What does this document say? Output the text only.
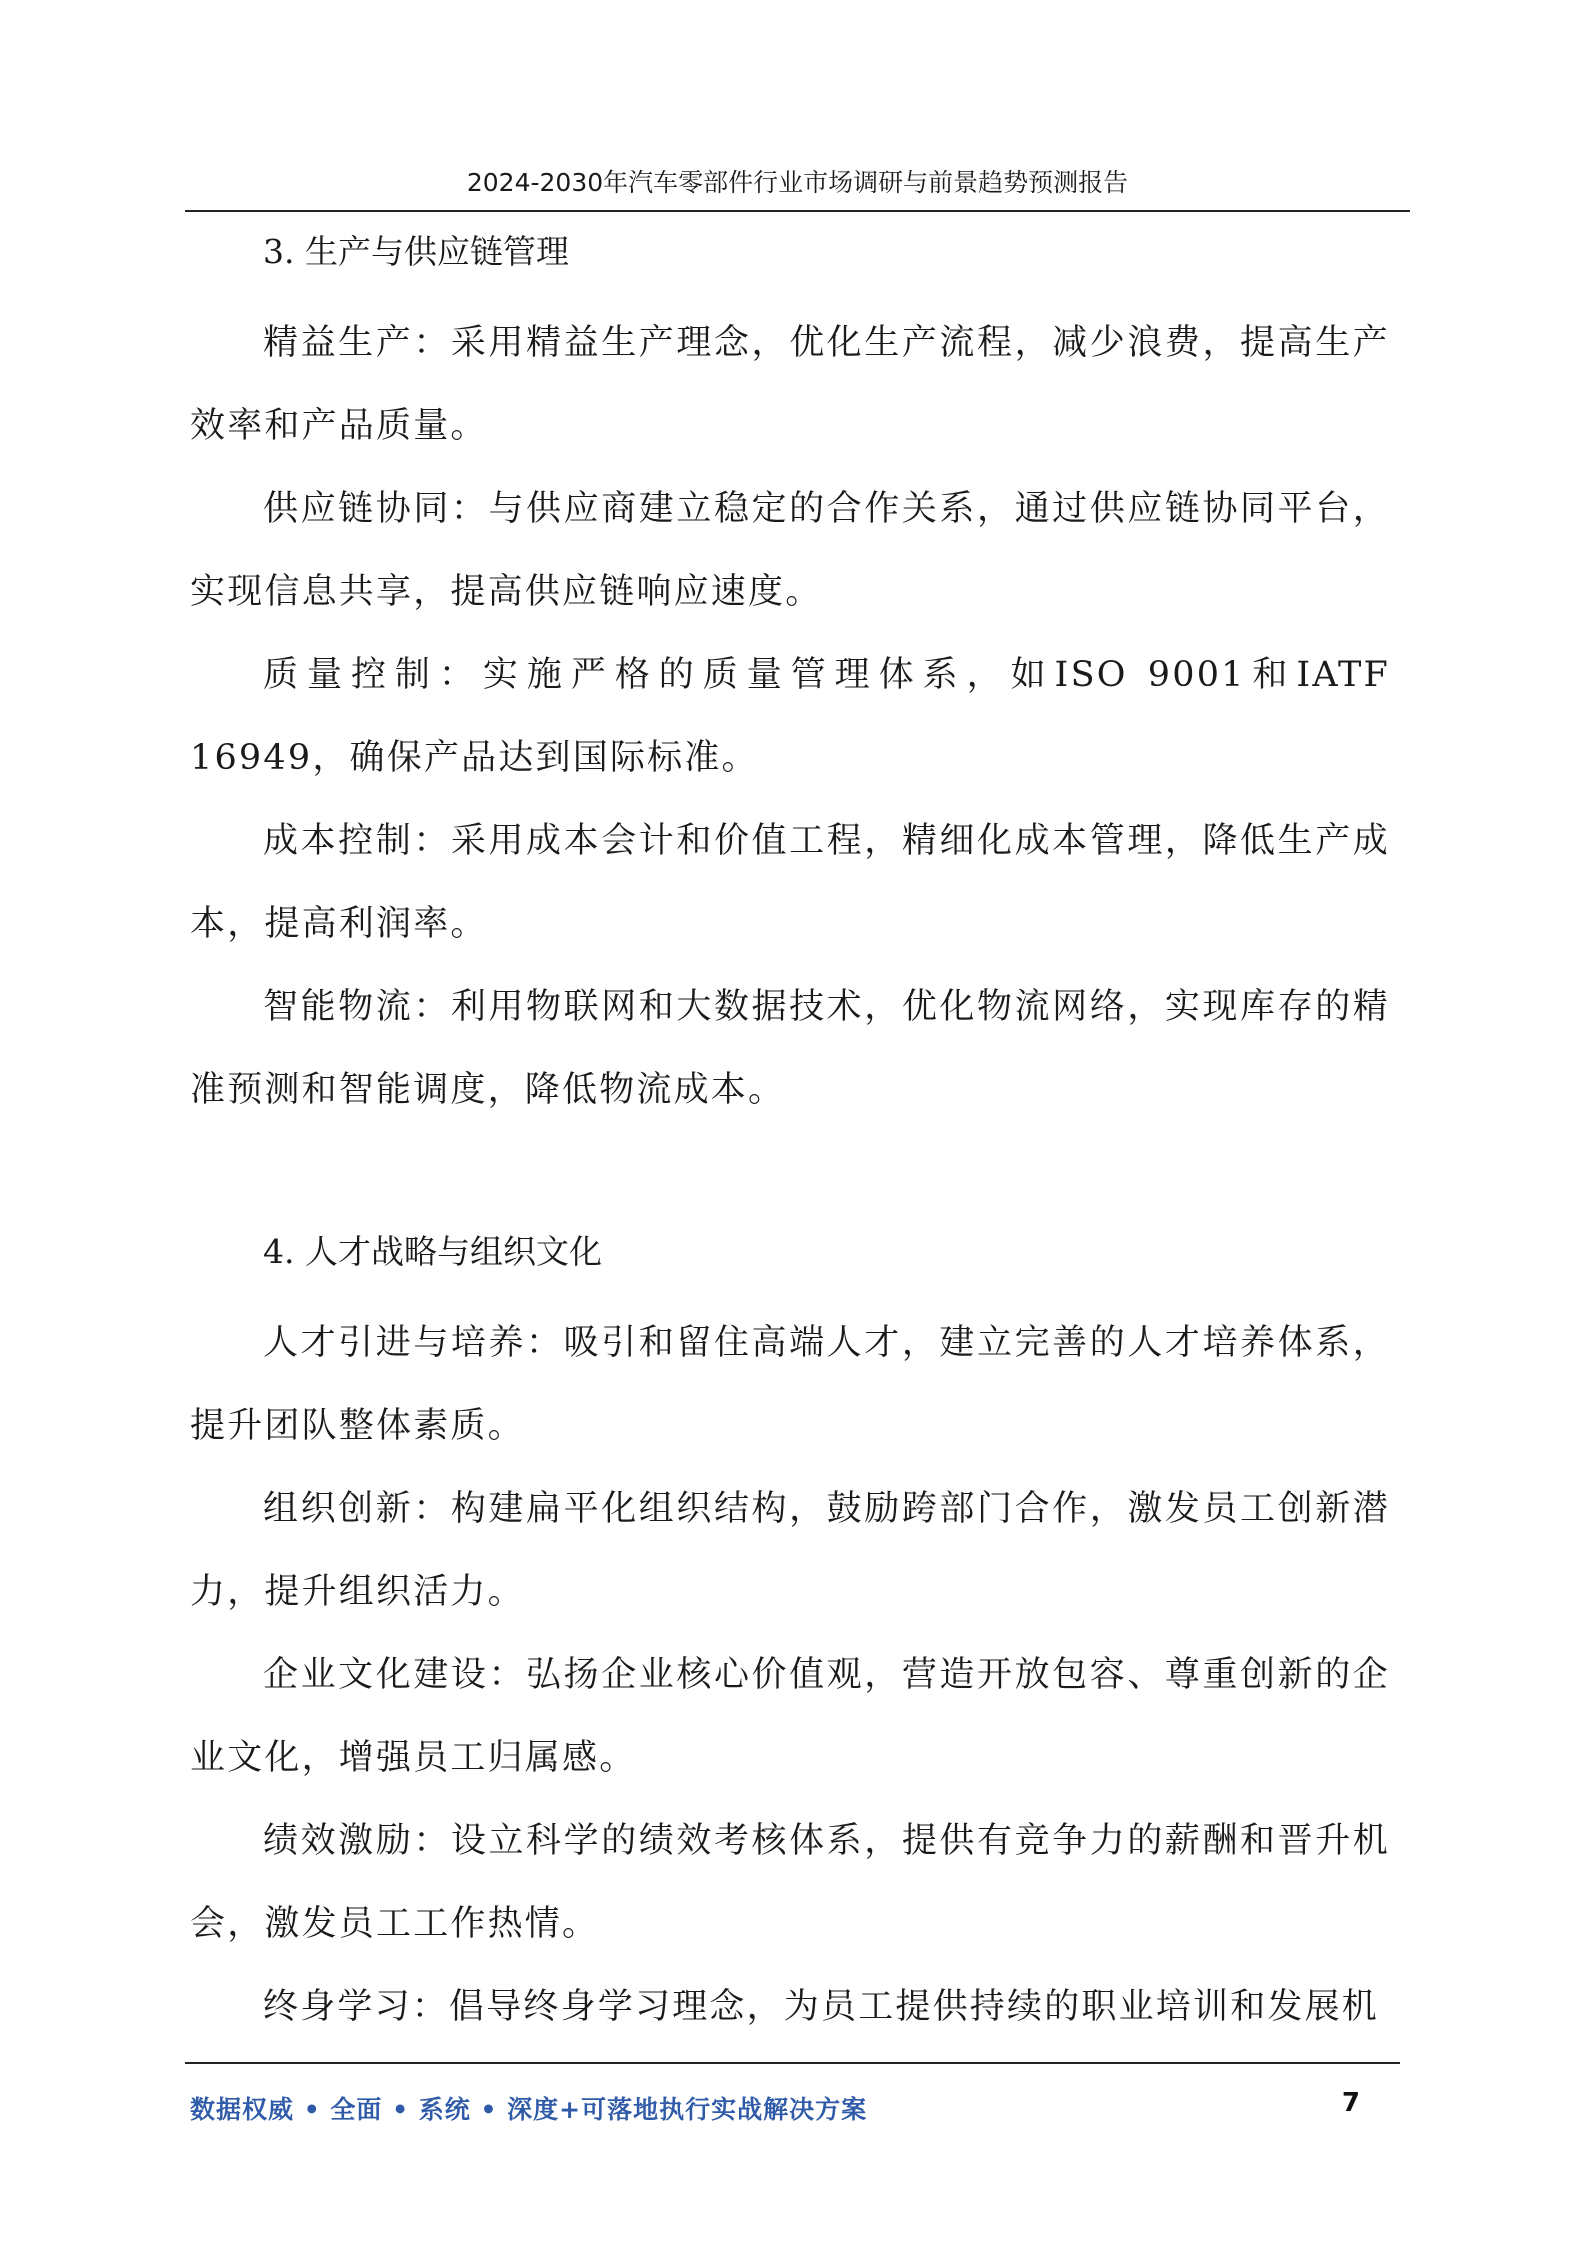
2024-2030年汽车零部件行业市场调研与前景趋势预测报告
3. 生产与供应链管理

精益生产：采用精益生产理念，优化生产流程，减少浪费，提高生产效率和产品质量。

供应链协同：与供应商建立稳定的合作关系，通过供应链协同平台，实现信息共享，提高供应链响应速度。

质量控制：实施严格的质量管理体系，如ISO 9001和IATF 16949，确保产品达到国际标准。

成本控制：采用成本会计和价值工程，精细化成本管理，降低生产成本，提高利润率。

智能物流：利用物联网和大数据技术，优化物流网络，实现库存的精准预测和智能调度，降低物流成本。

4. 人才战略与组织文化

人才引进与培养：吸引和留住高端人才，建立完善的人才培养体系，提升团队整体素质。

组织创新：构建扁平化组织结构，鼓励跨部门合作，激发员工创新潜力，提升组织活力。

企业文化建设：弘扬企业核心价值观，营造开放包容、尊重创新的企业文化，增强员工归属感。

绩效激励：设立科学的绩效考核体系，提供有竞争力的薪酬和晋升机会，激发员工工作热情。

终身学习：倡导终身学习理念，为员工提供持续的职业培训和发展机

数据权威 • 全面 • 系统 • 深度+可落地执行实战解决方案	7
